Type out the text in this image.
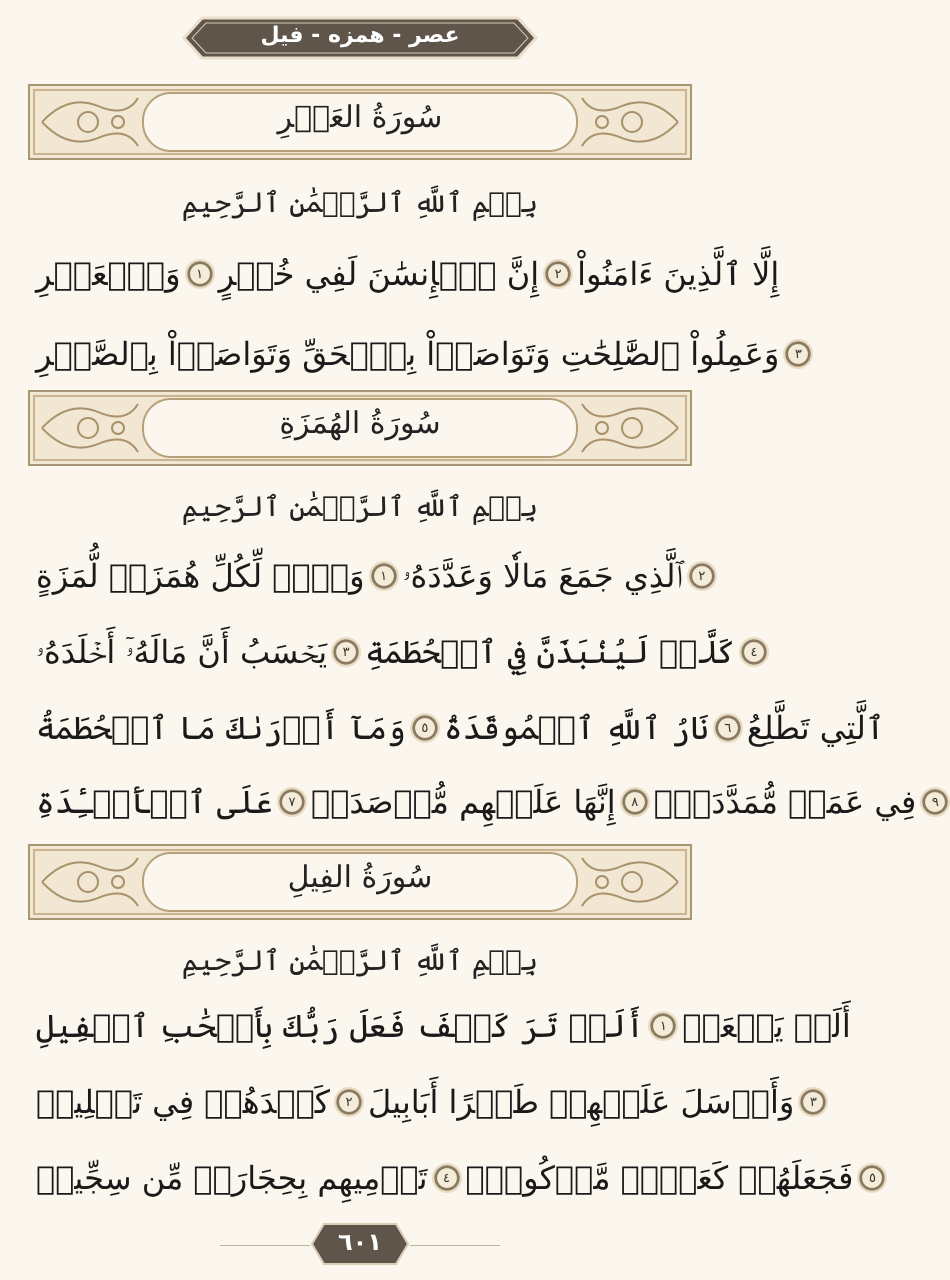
عصر - همزه - فیل
سُورَةُ العَصۡرِ
بِسۡمِ ٱللَّهِ ٱلرَّحۡمَٰنِ ٱلرَّحِيمِ
وَٱلۡعَصۡرِ	١ إِنَّ ٱلۡإِنسَٰنَ لَفِي خُسۡرٍ	٢ إِلَّا ٱلَّذِينَ ءَامَنُواْ
وَعَمِلُواْ ٱلصَّٰلِحَٰتِ وَتَوَاصَوۡاْ بِٱلۡحَقِّ وَتَوَاصَوۡاْ بِٱلصَّبۡرِ	٣
سُورَةُ الهُمَزَةِ
بِسۡمِ ٱللَّهِ ٱلرَّحۡمَٰنِ ٱلرَّحِيمِ
وَيۡلٞ لِّكُلِّ هُمَزَةٖ لُّمَزَةٍ	١ ٱلَّذِي جَمَعَ مَالٗا وَعَدَّدَهُۥ	٢
يَحۡسَبُ أَنَّ مَالَهُۥٓ أَخۡلَدَهُۥ	٣ كَلَّاۖ لَيُنۢبَذَنَّ فِي ٱلۡحُطَمَةِ	٤
وَمَآ أَدۡرَىٰكَ مَا ٱلۡحُطَمَةُ	٥ نَارُ ٱللَّهِ ٱلۡمُوقَدَةُ	٦ ٱلَّتِي تَطَّلِعُ
عَلَى ٱلۡأَفۡـِٔدَةِ	٧ إِنَّهَا عَلَيۡهِم مُّؤۡصَدَةٞ	٨ فِي عَمَدٖ مُّمَدَّدَةِۭ	٩
سُورَةُ الفِيلِ
بِسۡمِ ٱللَّهِ ٱلرَّحۡمَٰنِ ٱلرَّحِيمِ
أَلَمۡ تَرَ كَيۡفَ فَعَلَ رَبُّكَ بِأَصۡحَٰبِ ٱلۡفِيلِ	١ أَلَمۡ يَجۡعَلۡ
كَيۡدَهُمۡ فِي تَضۡلِيلٖ	٢ وَأَرۡسَلَ عَلَيۡهِمۡ طَيۡرًا أَبَابِيلَ	٣
تَرۡمِيهِم بِحِجَارَةٖ مِّن سِجِّيلٖ	٤ فَجَعَلَهُمۡ كَعَصۡفٖ مَّأۡكُولِۭ	٥
٦٠١
